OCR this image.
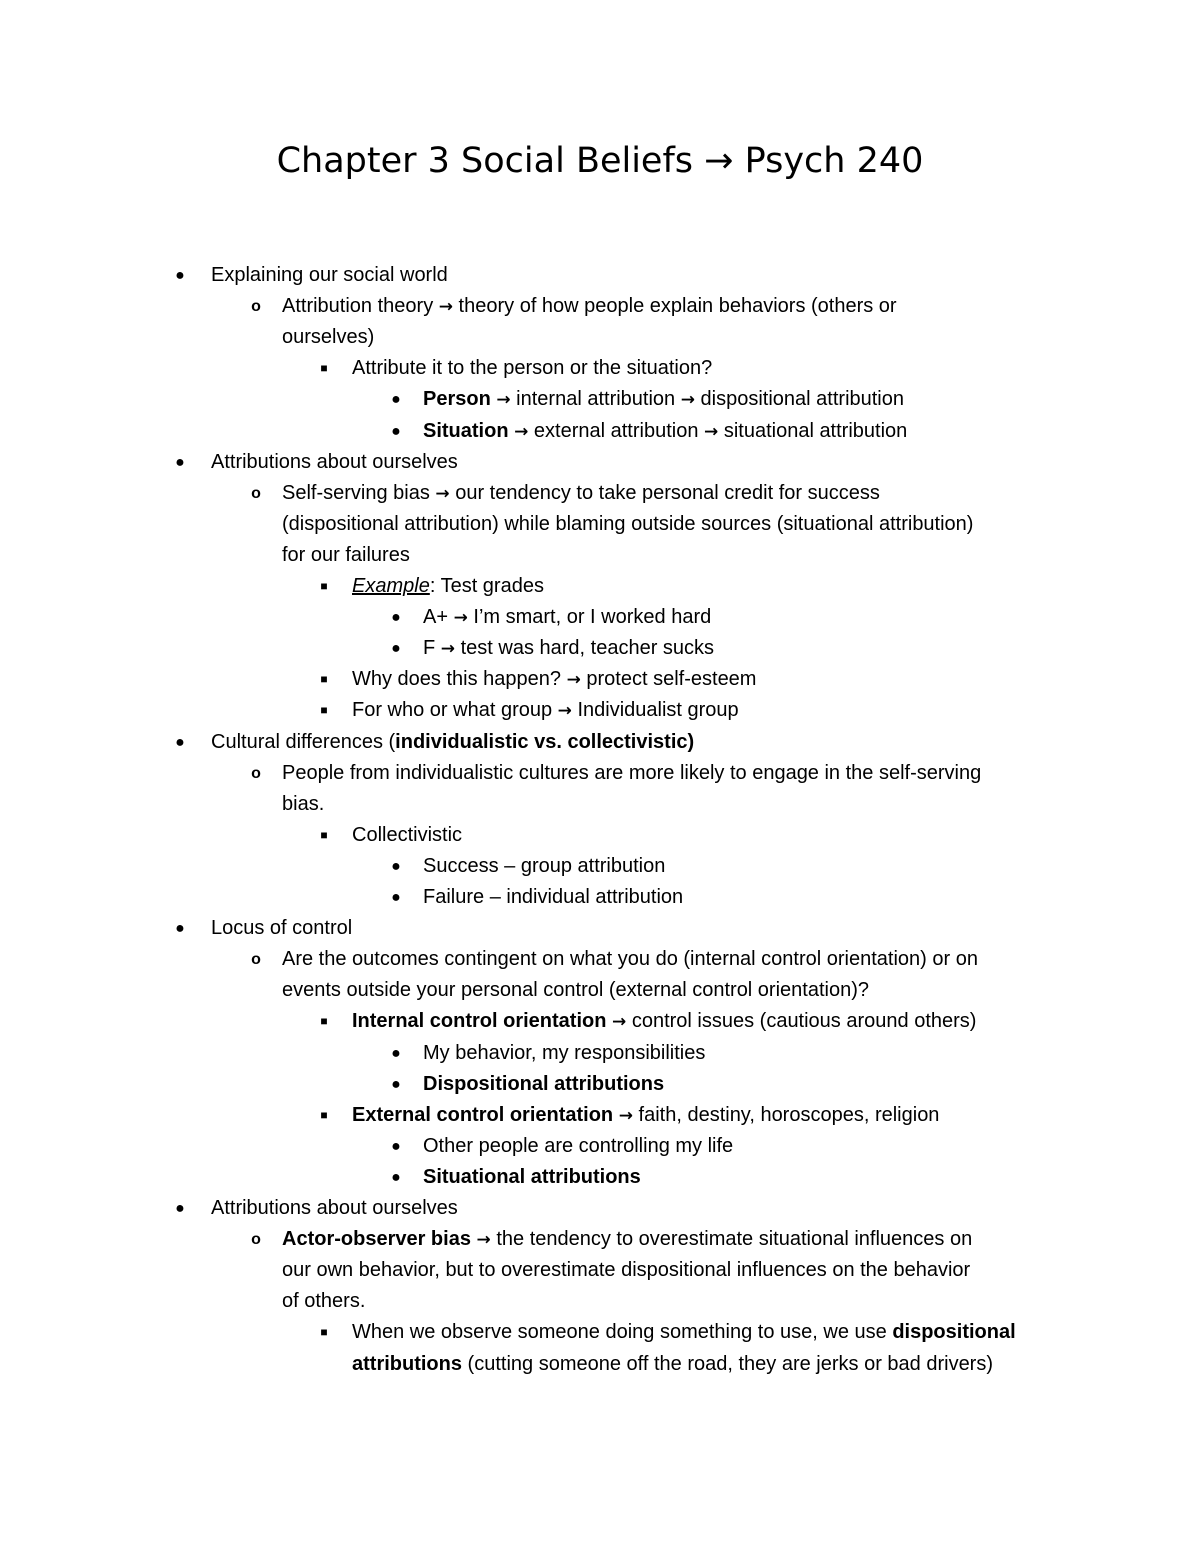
Chapter 3 Social Beliefs → Psych 240
● Explaining our social world
o Attribution theory → theory of how people explain behaviors (others or
ourselves)
■	Attribute it to the person or the situation?
● Person → internal attribution → dispositional attribution
● Situation → external attribution → situational attribution
● Attributions about ourselves
o Self-serving bias → our tendency to take personal credit for success
(dispositional attribution) while blaming outside sources (situational attribution)
for our failures
■	Example: Test grades
● A+ → I’m smart, or I worked hard
● F → test was hard, teacher sucks
■	Why does this happen? → protect self-esteem
■	For who or what group → Individualist group
● Cultural differences (individualistic vs. collectivistic)
o People from individualistic cultures are more likely to engage in the self-serving
bias.
■	Collectivistic
● Success – group attribution
● Failure – individual attribution
● Locus of control
o Are the outcomes contingent on what you do (internal control orientation) or on
events outside your personal control (external control orientation)?
■	Internal control orientation → control issues (cautious around others)
● My behavior, my responsibilities
● Dispositional attributions
■	External control orientation → faith, destiny, horoscopes, religion
● Other people are controlling my life
● Situational attributions
● Attributions about ourselves
o Actor-observer bias → the tendency to overestimate situational influences on
our own behavior, but to overestimate dispositional influences on the behavior
of others.
■	When we observe someone doing something to use, we use dispositional
attributions (cutting someone off the road, they are jerks or bad drivers)
